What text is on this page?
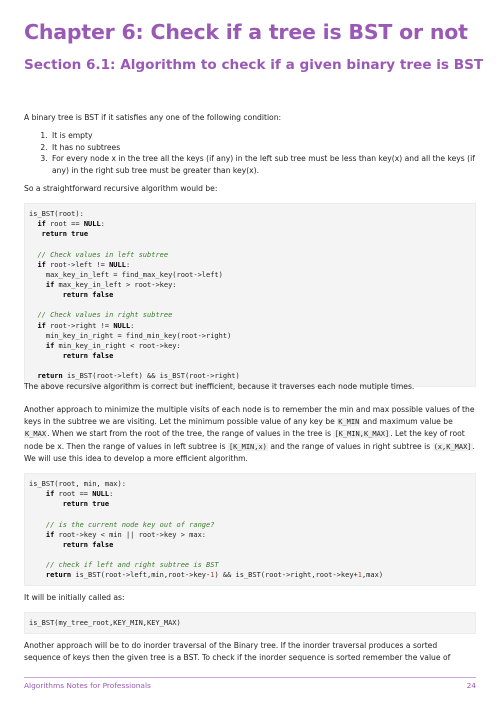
Chapter 6: Check if a tree is BST or not
Section 6.1: Algorithm to check if a given binary tree is BST

A binary tree is BST if it satisfies any one of the following condition:

1. It is empty
2. It has no subtrees
3. For every node x in the tree all the keys (if any) in the left sub tree must be less than key(x) and all the keys (if any) in the right sub tree must be greater than key(x).

So a straightforward recursive algorithm would be:

is_BST(root):
if root == NULL:
return true

// Check values in left subtree
if root->left != NULL:
max_key_in_left = find_max_key(root->left)
if max_key_in_left > root->key:
return false

// Check values in right subtree
if root->right != NULL:
min_key_in_right = find_min_key(root->right)
if min_key_in_right < root->key:
return false

return is_BST(root->left) && is_BST(root->right)

The above recursive algorithm is correct but inefficient, because it traverses each node mutiple times.

Another approach to minimize the multiple visits of each node is to remember the min and max possible values of the keys in the subtree we are visiting. Let the minimum possible value of any key be K_MIN and maximum value be K_MAX. When we start from the root of the tree, the range of values in the tree is [K_MIN,K_MAX]. Let the key of root node be x. Then the range of values in left subtree is [K_MIN,x) and the range of values in right subtree is (x,K_MAX]. We will use this idea to develop a more efficient algorithm.

is_BST(root, min, max):
if root == NULL:
return true

// is the current node key out of range?
if root->key < min || root->key > max:
return false

// check if left and right subtree is BST
return is_BST(root->left,min,root->key-1) && is_BST(root->right,root->key+1,max)

It will be initially called as:

is_BST(my_tree_root,KEY_MIN,KEY_MAX)

Another approach will be to do inorder traversal of the Binary tree. If the inorder traversal produces a sorted sequence of keys then the given tree is a BST. To check if the inorder sequence is sorted remember the value of

Algorithms Notes for Professionals	24
